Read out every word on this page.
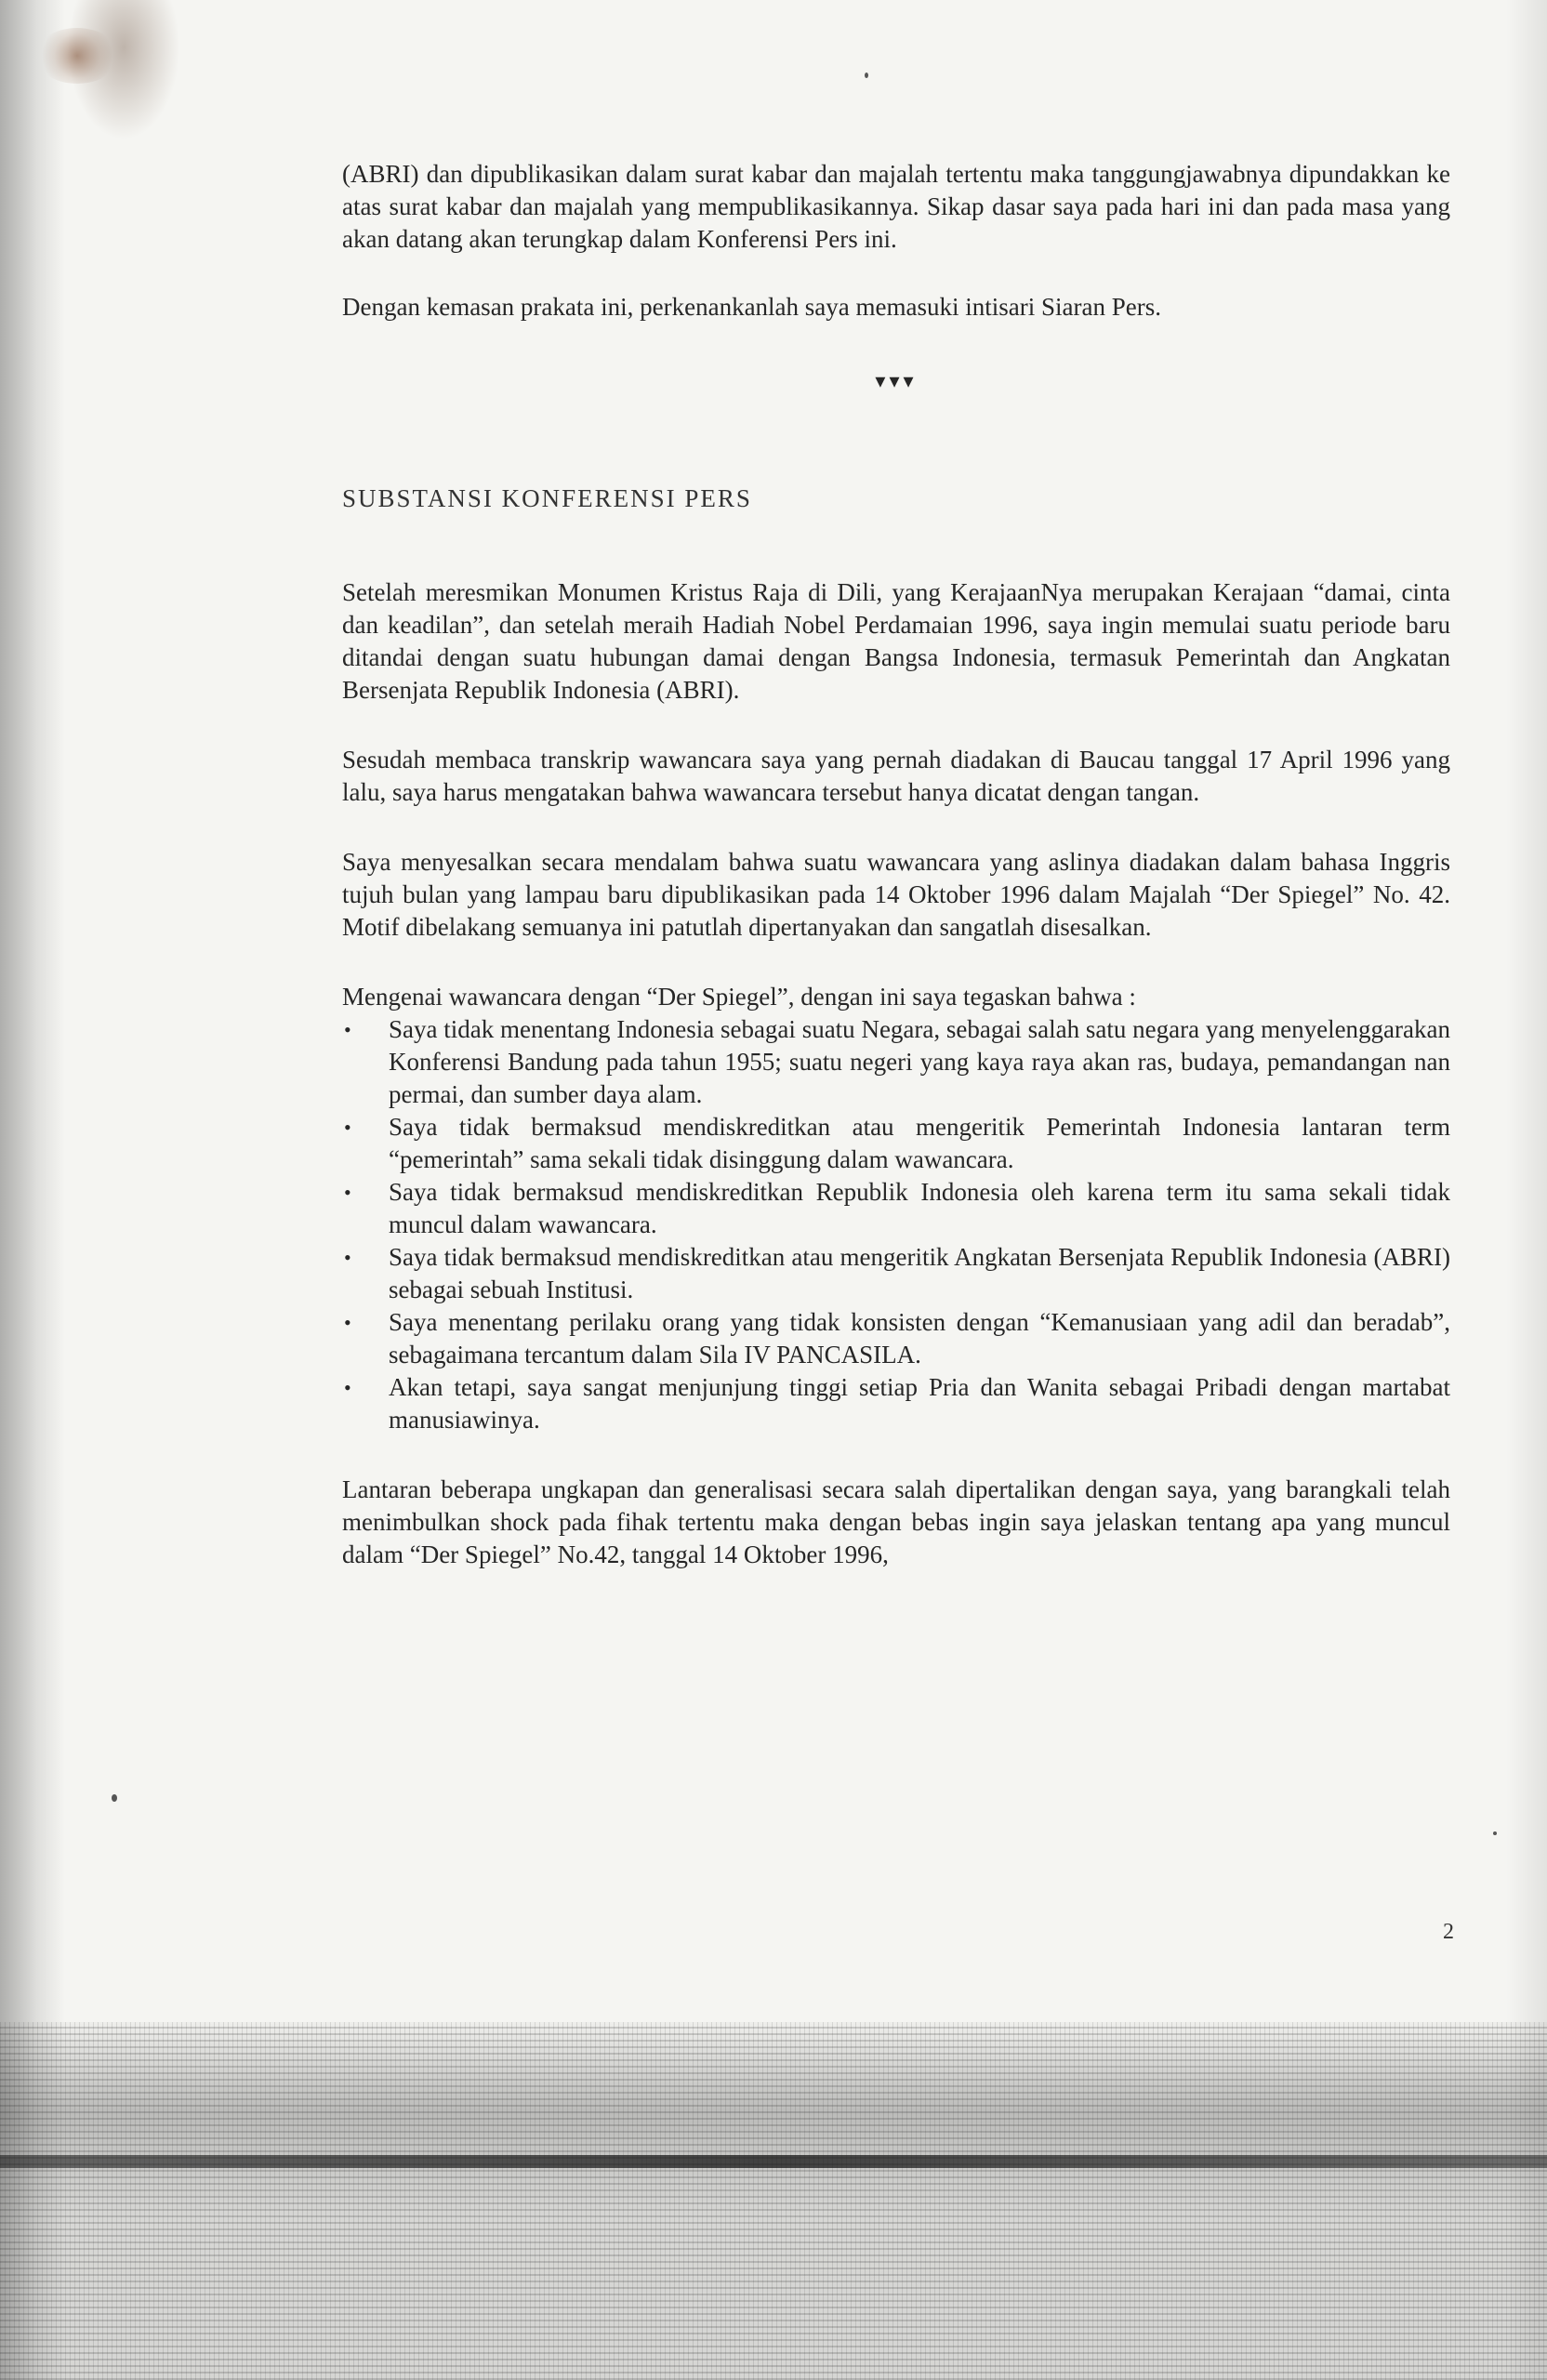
(ABRI) dan dipublikasikan dalam surat kabar dan majalah tertentu maka tanggungjawabnya dipundakkan ke atas surat kabar dan majalah yang mempublikasikannya. Sikap dasar saya pada hari ini dan pada masa yang akan datang akan terungkap dalam Konferensi Pers ini.

Dengan kemasan prakata ini, perkenankanlah saya memasuki intisari Siaran Pers.

▾▾▾
SUBSTANSI KONFERENSI PERS

Setelah meresmikan Monumen Kristus Raja di Dili, yang KerajaanNya merupakan Kerajaan “damai, cinta dan keadilan”, dan setelah meraih Hadiah Nobel Perdamaian 1996, saya ingin memulai suatu periode baru ditandai dengan suatu hubungan damai dengan Bangsa Indonesia, termasuk Pemerintah dan Angkatan Bersenjata Republik Indonesia (ABRI).

Sesudah membaca transkrip wawancara saya yang pernah diadakan di Baucau tanggal 17 April 1996 yang lalu, saya harus mengatakan bahwa wawancara tersebut hanya dicatat dengan tangan.

Saya menyesalkan secara mendalam bahwa suatu wawancara yang aslinya diadakan dalam bahasa Inggris tujuh bulan yang lampau baru dipublikasikan pada 14 Oktober 1996 dalam Majalah “Der Spiegel” No. 42. Motif dibelakang semuanya ini patutlah dipertanyakan dan sangatlah disesalkan.

Mengenai wawancara dengan “Der Spiegel”, dengan ini saya tegaskan bahwa :

• Saya tidak menentang Indonesia sebagai suatu Negara, sebagai salah satu negara yang menyelenggarakan Konferensi Bandung pada tahun 1955; suatu negeri yang kaya raya akan ras, budaya, pemandangan nan permai, dan sumber daya alam.
• Saya tidak bermaksud mendiskreditkan atau mengeritik Pemerintah Indonesia lantaran term “pemerintah” sama sekali tidak disinggung dalam wawancara.
• Saya tidak bermaksud mendiskreditkan Republik Indonesia oleh karena term itu sama sekali tidak muncul dalam wawancara.
• Saya tidak bermaksud mendiskreditkan atau mengeritik Angkatan Bersenjata Republik Indonesia (ABRI) sebagai sebuah Institusi.
• Saya menentang perilaku orang yang tidak konsisten dengan “Kemanusiaan yang adil dan beradab”, sebagaimana tercantum dalam Sila IV PANCASILA.
• Akan tetapi, saya sangat menjunjung tinggi setiap Pria dan Wanita sebagai Pribadi dengan martabat manusiawinya.

Lantaran beberapa ungkapan dan generalisasi secara salah dipertalikan dengan saya, yang barangkali telah menimbulkan shock pada fihak tertentu maka dengan bebas ingin saya jelaskan tentang apa yang muncul dalam “Der Spiegel” No.42, tanggal 14 Oktober 1996,

2
